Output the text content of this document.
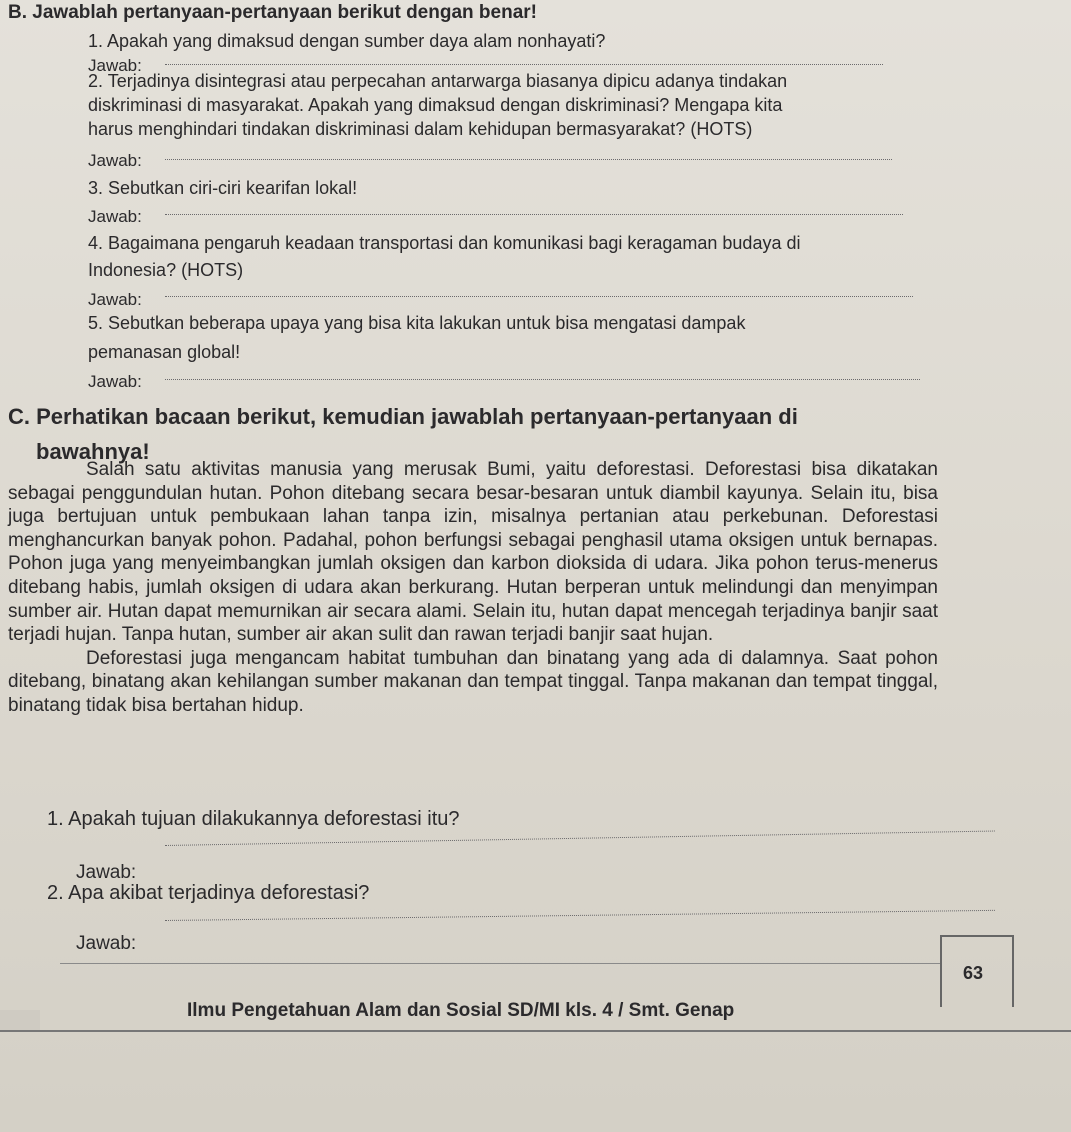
B. Jawablah pertanyaan-pertanyaan berikut dengan benar!
1. Apakah yang dimaksud dengan sumber daya alam nonhayati?
Jawab:
2. Terjadinya disintegrasi atau perpecahan antarwarga biasanya dipicu adanya tindakan
diskriminasi di masyarakat. Apakah yang dimaksud dengan diskriminasi? Mengapa kita
harus menghindari tindakan diskriminasi dalam kehidupan bermasyarakat? (HOTS)
Jawab:
3. Sebutkan ciri-ciri kearifan lokal!
Jawab:
4. Bagaimana pengaruh keadaan transportasi dan komunikasi bagi keragaman budaya di
Indonesia? (HOTS)
Jawab:
5. Sebutkan beberapa upaya yang bisa kita lakukan untuk bisa mengatasi dampak
pemanasan global!
Jawab:
C. Perhatikan bacaan berikut, kemudian jawablah pertanyaan-pertanyaan di
bawahnya!

Salah satu aktivitas manusia yang merusak Bumi, yaitu deforestasi. Deforestasi bisa dikatakan sebagai penggundulan hutan. Pohon ditebang secara besar-besaran untuk diambil kayunya. Selain itu, bisa juga bertujuan untuk pembukaan lahan tanpa izin, misalnya pertanian atau perkebunan. Deforestasi menghancurkan banyak pohon. Padahal, pohon berfungsi sebagai penghasil utama oksigen untuk bernapas. Pohon juga yang menyeimbangkan jumlah oksigen dan karbon dioksida di udara. Jika pohon terus-menerus ditebang habis, jumlah oksigen di udara akan berkurang. Hutan berperan untuk melindungi dan menyimpan sumber air. Hutan dapat memurnikan air secara alami. Selain itu, hutan dapat mencegah terjadinya banjir saat terjadi hujan. Tanpa hutan, sumber air akan sulit dan rawan terjadi banjir saat hujan.

Deforestasi juga mengancam habitat tumbuhan dan binatang yang ada di dalamnya. Saat pohon ditebang, binatang akan kehilangan sumber makanan dan tempat tinggal. Tanpa makanan dan tempat tinggal, binatang tidak bisa bertahan hidup.

1. Apakah tujuan dilakukannya deforestasi itu?
Jawab:
2. Apa akibat terjadinya deforestasi?
Jawab:
Ilmu Pengetahuan Alam dan Sosial SD/MI kls. 4 / Smt. Genap
63
